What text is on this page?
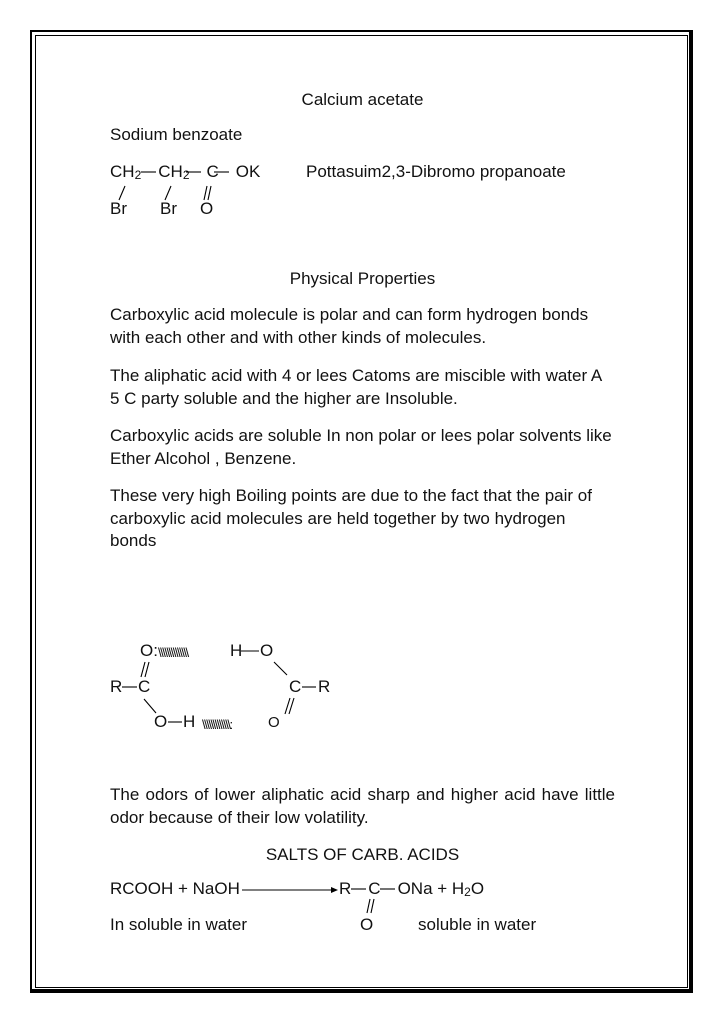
Calcium acetate
Sodium benzoate
$CH_2$ $CH_2$ C OK	Pottasuim2,3-Dibromo propanoate
Br Br O
Physical Properties
Carboxylic acid molecule is polar and can form hydrogen bonds with each other and with other kinds of molecules.
The aliphatic acid with 4 or lees Catoms are miscible with water A 5 C party soluble and the higher are Insoluble.
Carboxylic acids are soluble In non polar or lees polar solvents like Ether Alcohol , Benzene.
These very high Boiling points are due to the fact that the pair of carboxylic acid molecules are held together by two hydrogen bonds
O: \\\\\\\\\\\\\\ H O
R C	C R
O H \\\\\\\\\\\\\: O
The odors of lower aliphatic acid sharp and higher acid have little odor because of their low volatility.
SALTS OF CARB. ACIDS
RCOOH + NaOH	R C ONa + $H_2O$
In soluble in water	O	soluble in water
